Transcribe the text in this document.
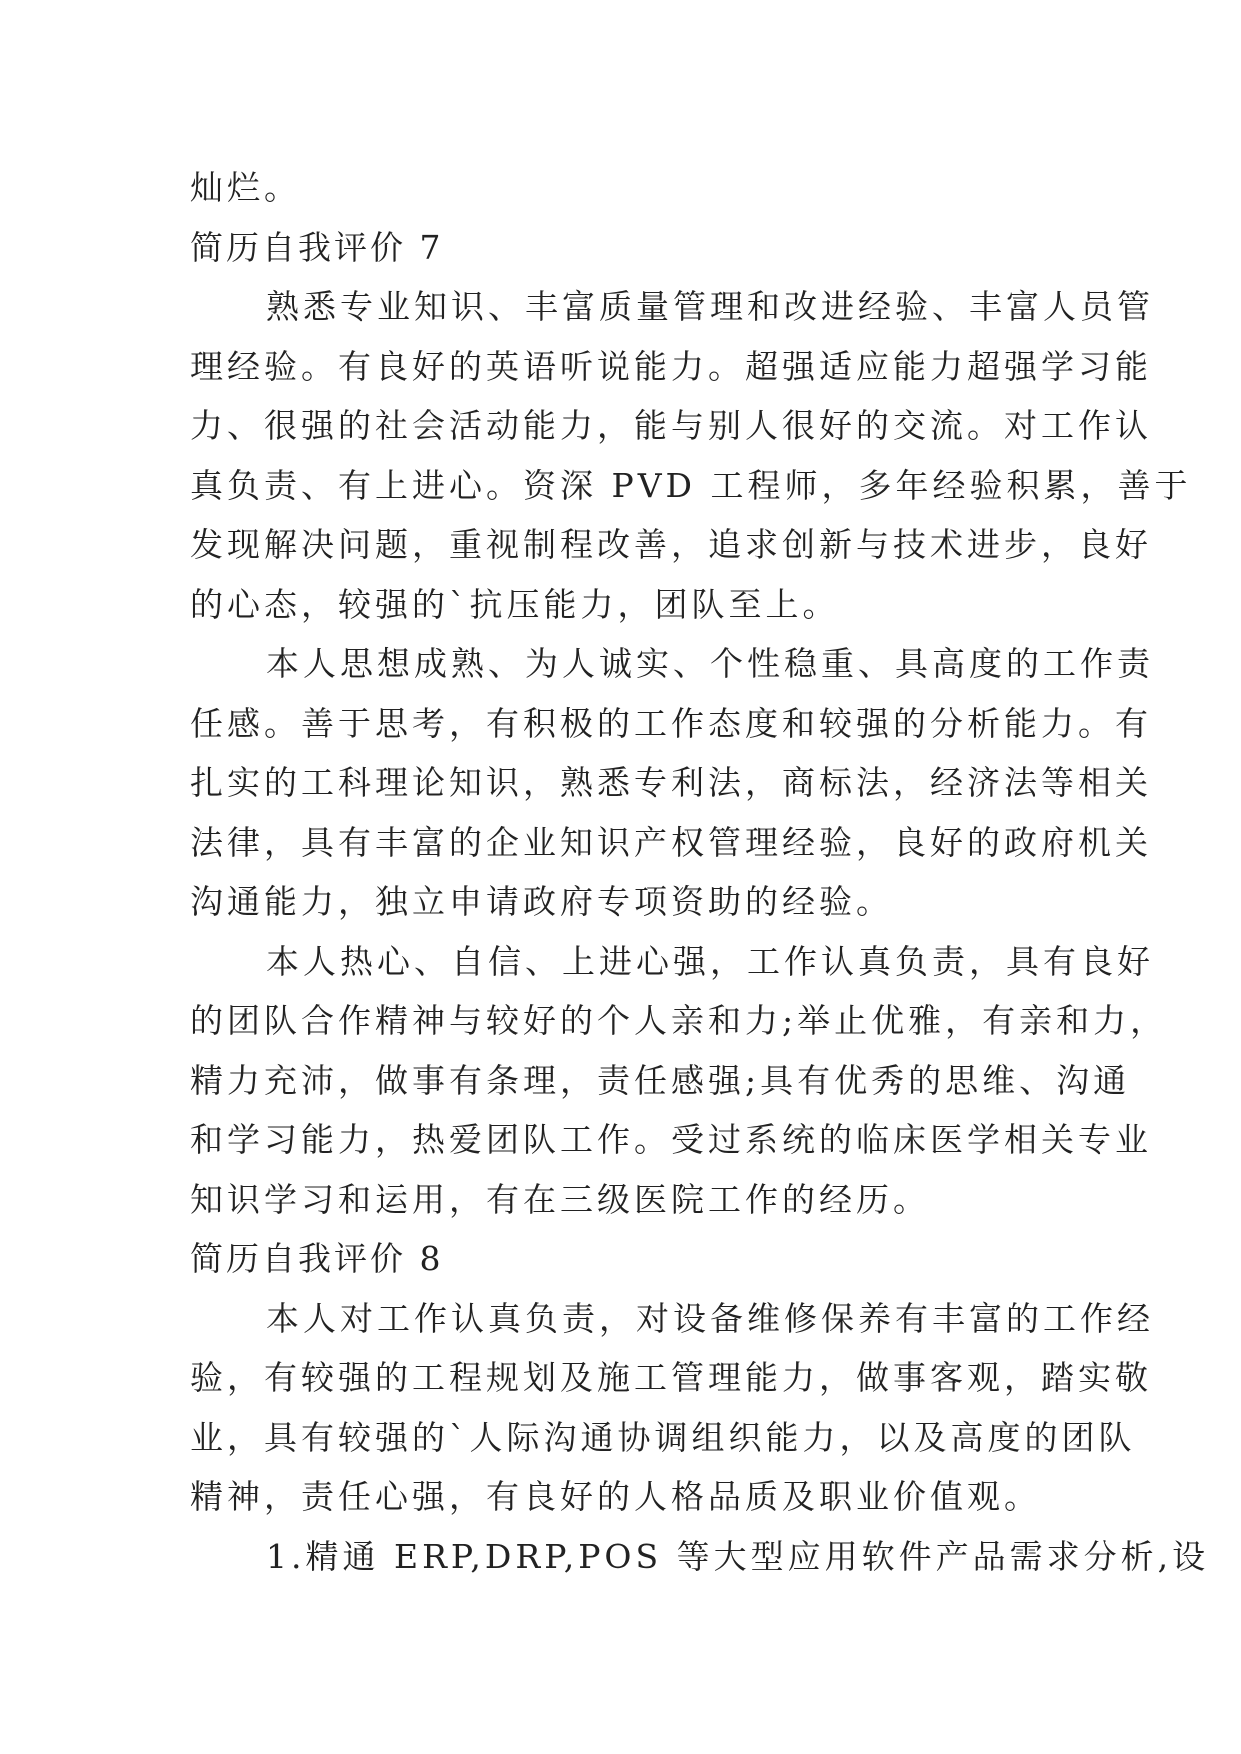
灿烂。
简历自我评价 7
熟悉专业知识、丰富质量管理和改进经验、丰富人员管
理经验。有良好的英语听说能力。超强适应能力超强学习能
力、很强的社会活动能力，能与别人很好的交流。对工作认
真负责、有上进心。资深 PVD 工程师，多年经验积累，善于
发现解决问题，重视制程改善，追求创新与技术进步，良好
的心态，较强的`抗压能力，团队至上。
本人思想成熟、为人诚实、个性稳重、具高度的工作责
任感。善于思考，有积极的工作态度和较强的分析能力。有
扎实的工科理论知识，熟悉专利法，商标法，经济法等相关
法律，具有丰富的企业知识产权管理经验，良好的政府机关
沟通能力，独立申请政府专项资助的经验。
本人热心、自信、上进心强，工作认真负责，具有良好
的团队合作精神与较好的个人亲和力;举止优雅，有亲和力，
精力充沛，做事有条理，责任感强;具有优秀的思维、沟通
和学习能力，热爱团队工作。受过系统的临床医学相关专业
知识学习和运用，有在三级医院工作的经历。
简历自我评价 8
本人对工作认真负责，对设备维修保养有丰富的工作经
验，有较强的工程规划及施工管理能力，做事客观，踏实敬
业，具有较强的`人际沟通协调组织能力，以及高度的团队
精神，责任心强，有良好的人格品质及职业价值观。
1.精通 ERP,DRP,POS 等大型应用软件产品需求分析,设
